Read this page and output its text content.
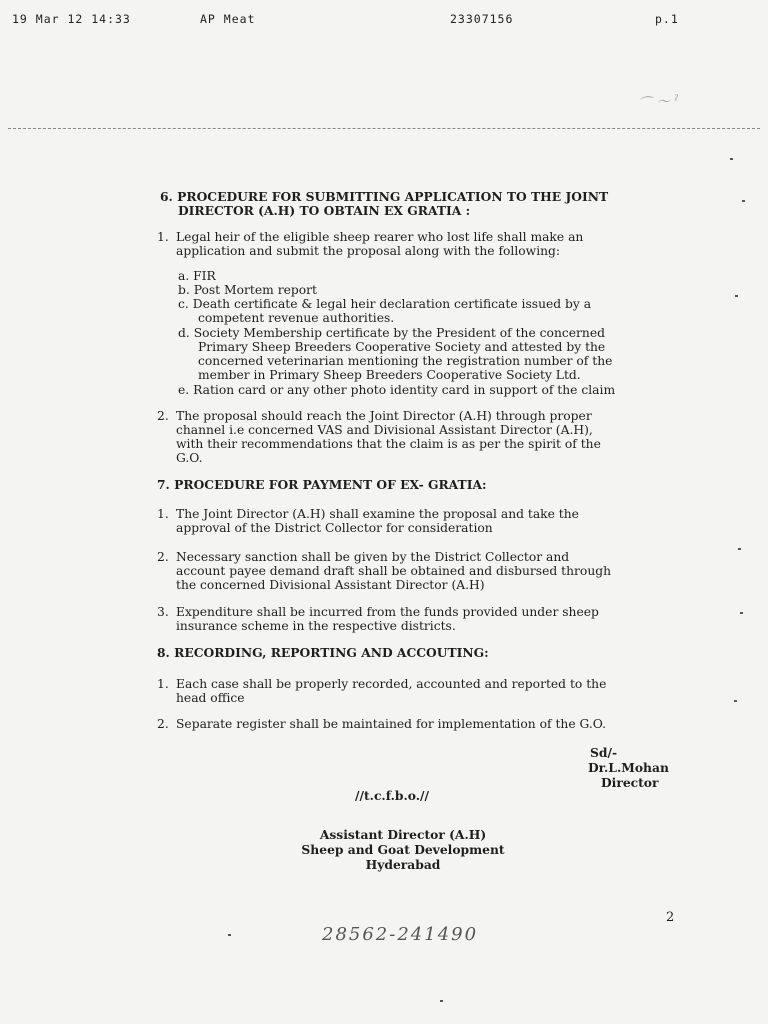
19 Mar 12 14:33	AP Meat	23307156	p.1
⌒ 〜 ˀ
6. PROCEDURE FOR SUBMITTING APPLICATION TO THE JOINT
DIRECTOR (A.H) TO OBTAIN EX GRATIA :
1. Legal heir of the eligible sheep rearer who lost life shall make an
application and submit the proposal along with the following:
a. FIR
b. Post Mortem report
c. Death certificate & legal heir declaration certificate issued by a
competent revenue authorities.
d. Society Membership certificate by the President of the concerned
Primary Sheep Breeders Cooperative Society and attested by the
concerned veterinarian mentioning the registration number of the
member in Primary Sheep Breeders Cooperative Society Ltd.
e. Ration card or any other photo identity card in support of the claim
2. The proposal should reach the Joint Director (A.H) through proper
channel i.e concerned VAS and Divisional Assistant Director (A.H),
with their recommendations that the claim is as per the spirit of the
G.O.
7. PROCEDURE FOR PAYMENT OF EX- GRATIA:
1. The Joint Director (A.H) shall examine the proposal and take the
approval of the District Collector for consideration
2. Necessary sanction shall be given by the District Collector and
account payee demand draft shall be obtained and disbursed through
the concerned Divisional Assistant Director (A.H)
3. Expenditure shall be incurred from the funds provided under sheep
insurance scheme in the respective districts.
8. RECORDING, REPORTING AND ACCOUTING:
1. Each case shall be properly recorded, accounted and reported to the
head office
2. Separate register shall be maintained for implementation of the G.O.
Sd/-
Dr.L.Mohan
Director
//t.c.f.b.o.//
Assistant Director (A.H)
Sheep and Goat Development
Hyderabad
2
28562-241490
